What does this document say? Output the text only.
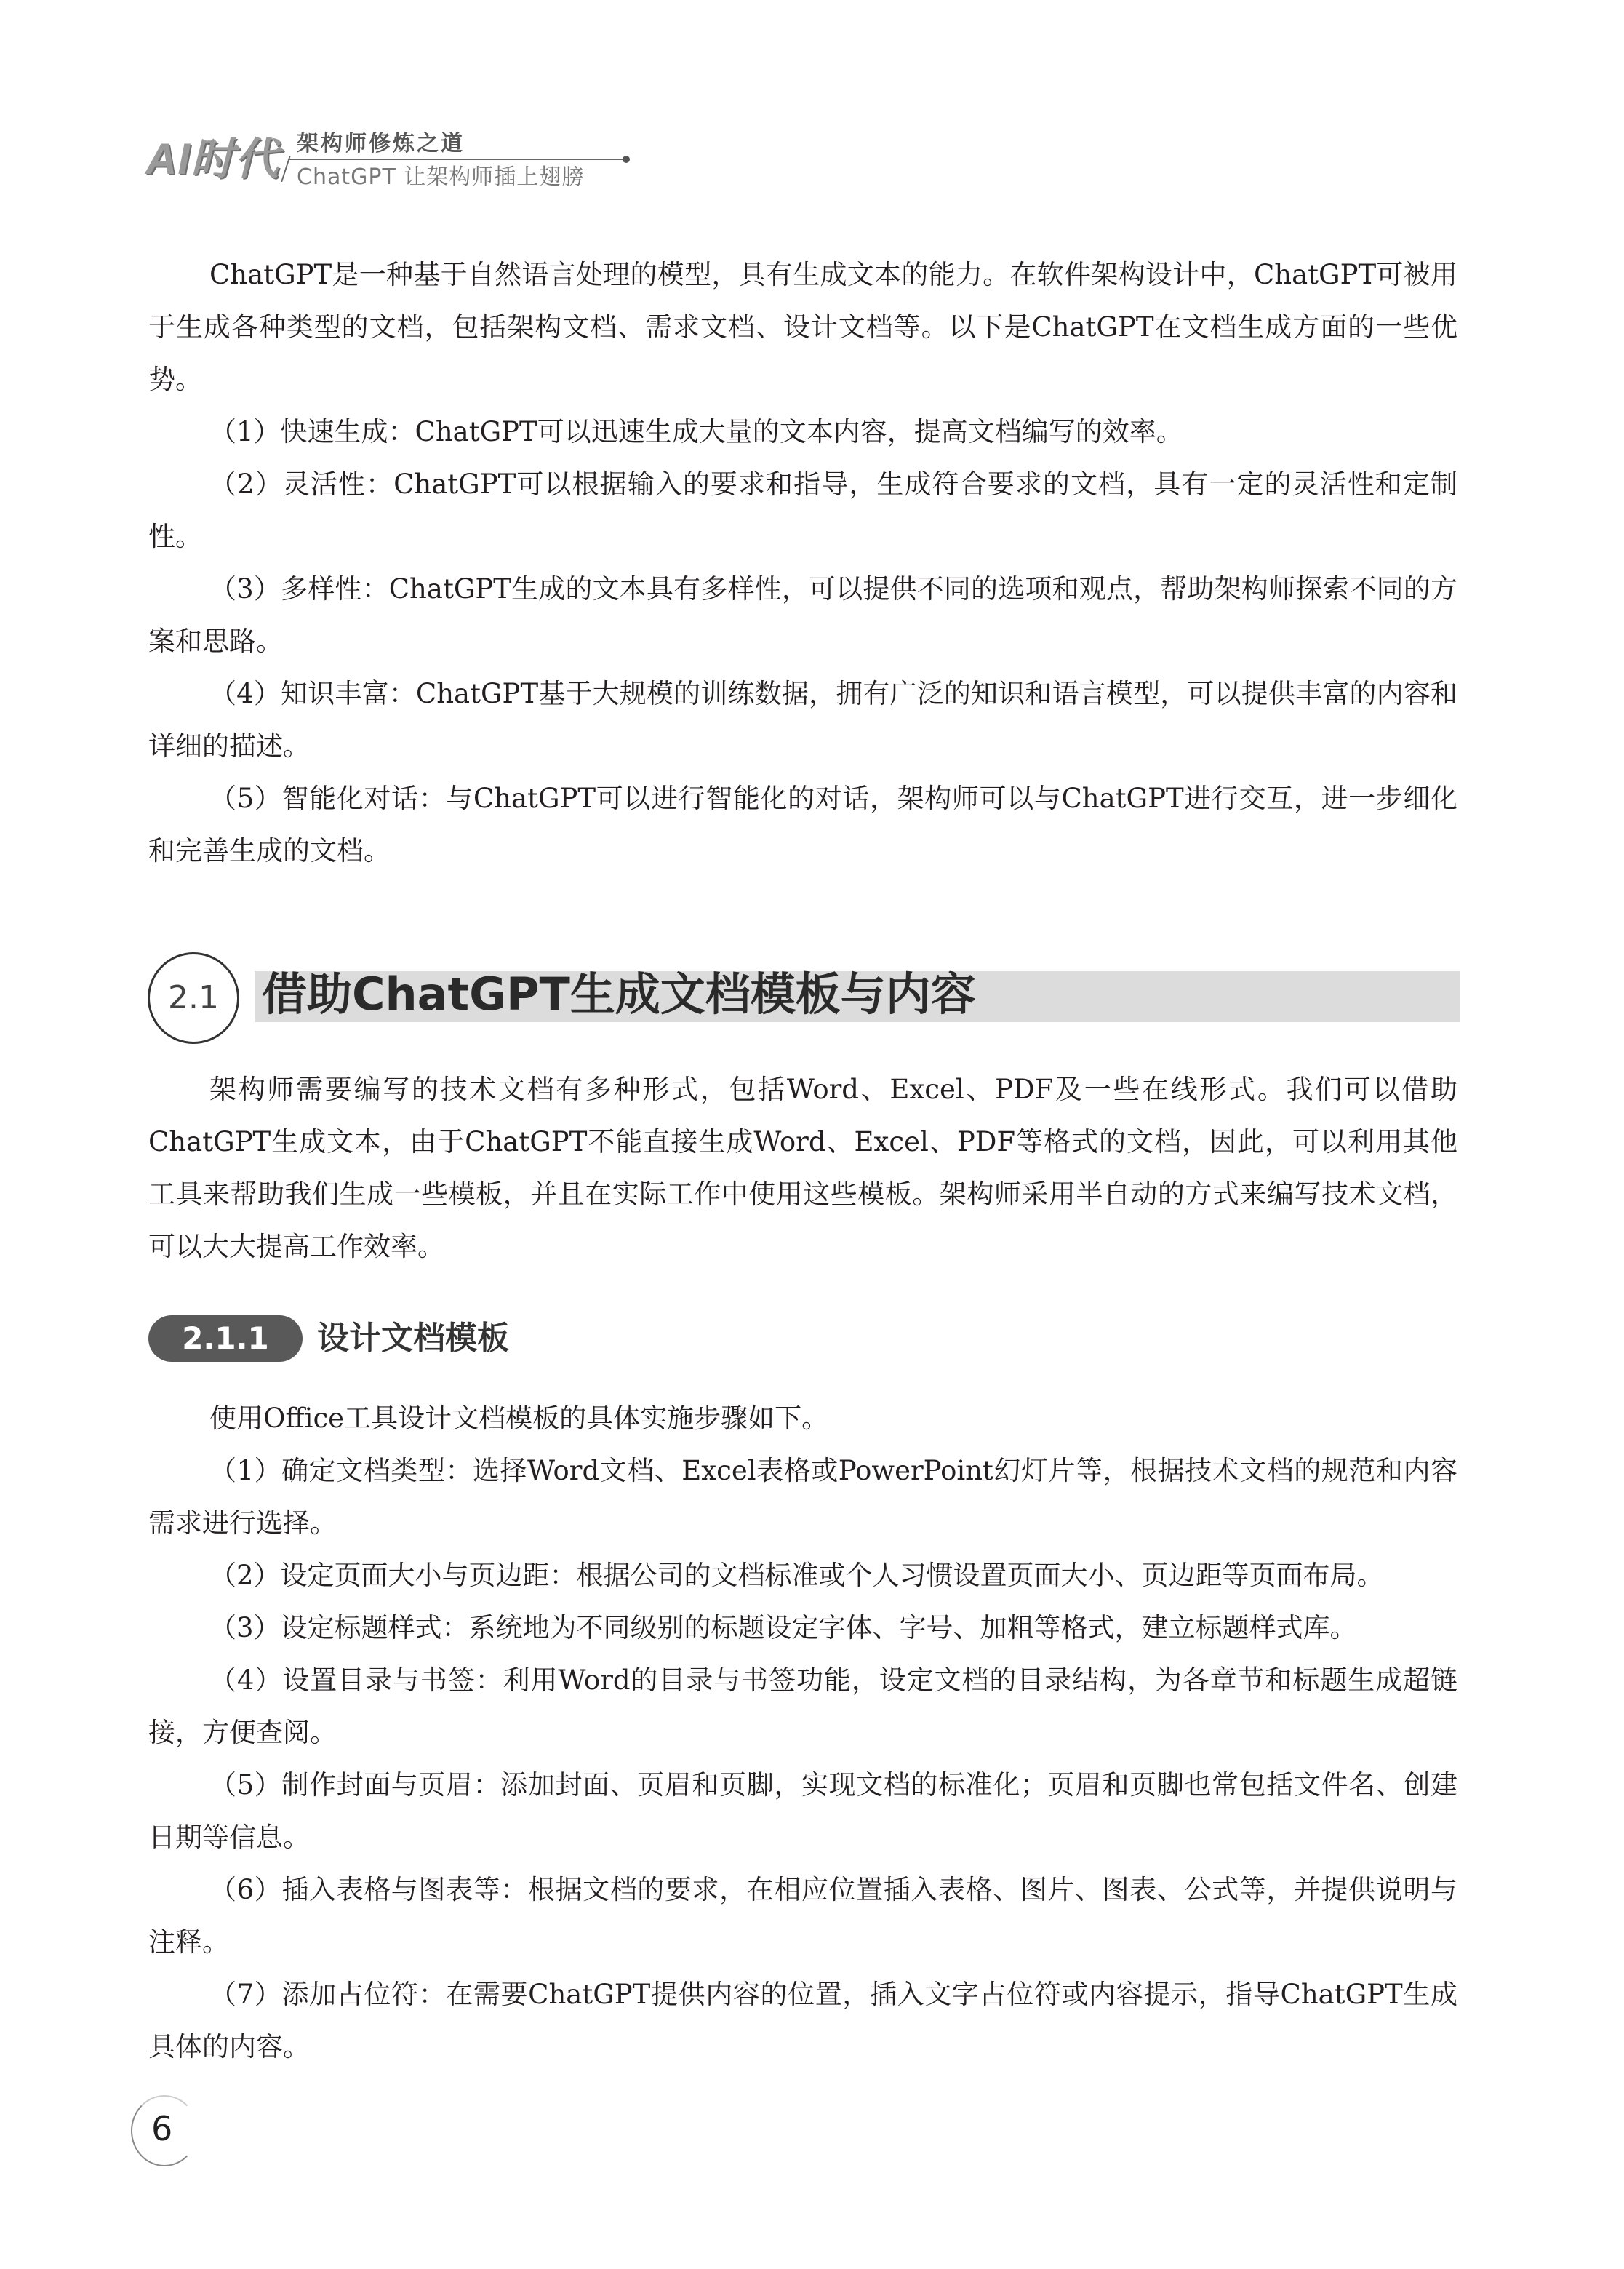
AI时代 架构师修炼之道
ChatGPT 让架构师插上翅膀
ChatGPT是一种基于自然语言处理的模型，具有生成文本的能力。在软件架构设计中，ChatGPT可被用于生成各种类型的文档，包括架构文档、需求文档、设计文档等。以下是ChatGPT在文档生成方面的一些优势。
（1）快速生成：ChatGPT可以迅速生成大量的文本内容，提高文档编写的效率。
（2）灵活性：ChatGPT可以根据输入的要求和指导，生成符合要求的文档，具有一定的灵活性和定制性。
（3）多样性：ChatGPT生成的文本具有多样性，可以提供不同的选项和观点，帮助架构师探索不同的方案和思路。
（4）知识丰富：ChatGPT基于大规模的训练数据，拥有广泛的知识和语言模型，可以提供丰富的内容和详细的描述。
（5）智能化对话：与ChatGPT可以进行智能化的对话，架构师可以与ChatGPT进行交互，进一步细化和完善生成的文档。
2.1 借助ChatGPT生成文档模板与内容
架构师需要编写的技术文档有多种形式，包括Word、Excel、PDF及一些在线形式。我们可以借助ChatGPT生成文本，由于ChatGPT不能直接生成Word、Excel、PDF等格式的文档，因此，可以利用其他工具来帮助我们生成一些模板，并且在实际工作中使用这些模板。架构师采用半自动的方式来编写技术文档，可以大大提高工作效率。
2.1.1	设计文档模板
使用Office工具设计文档模板的具体实施步骤如下。
（1）确定文档类型：选择Word文档、Excel表格或PowerPoint幻灯片等，根据技术文档的规范和内容需求进行选择。
（2）设定页面大小与页边距：根据公司的文档标准或个人习惯设置页面大小、页边距等页面布局。
（3）设定标题样式：系统地为不同级别的标题设定字体、字号、加粗等格式，建立标题样式库。
（4）设置目录与书签：利用Word的目录与书签功能，设定文档的目录结构，为各章节和标题生成超链接，方便查阅。
（5）制作封面与页眉：添加封面、页眉和页脚，实现文档的标准化；页眉和页脚也常包括文件名、创建日期等信息。
（6）插入表格与图表等：根据文档的要求，在相应位置插入表格、图片、图表、公式等，并提供说明与注释。
（7）添加占位符：在需要ChatGPT提供内容的位置，插入文字占位符或内容提示，指导ChatGPT生成具体的内容。
6
